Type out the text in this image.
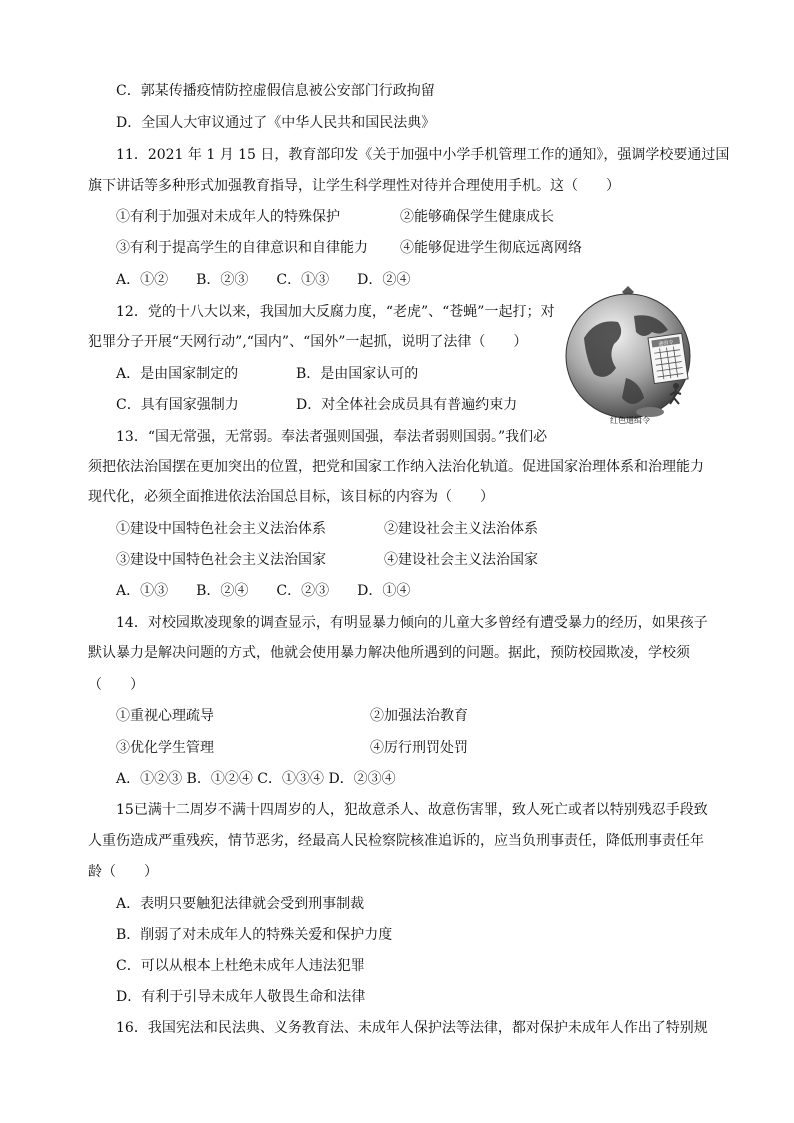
C．郭某传播疫情防控虚假信息被公安部门行政拘留
D．全国人大审议通过了《中华人民共和国民法典》
11．2021 年 1 月 15 日，教育部印发《关于加强中小学手机管理工作的通知》，强调学校要通过国
旗下讲话等多种形式加强教育指导，让学生科学理性对待并合理使用手机。这（　　）
①有利于加强对未成年人的特殊保护	②能够确保学生健康成长
③有利于提高学生的自律意识和自律能力 ④能够促进学生彻底远离网络
A．①②　　B．②③　　C．①③　　D．②④
12．党的十八大以来，我国加大反腐力度，“老虎”、“苍蝇”一起打；对
犯罪分子开展“天网行动”,“国内”、“国外”一起抓，说明了法律（　　）
A．是由国家制定的	B．是由国家认可的
C．具有国家强制力	D．对全体社会成员具有普遍约束力
通缉令
红色通缉令
13．“国无常强，无常弱。奉法者强则国强，奉法者弱则国弱。”我们必
须把依法治国摆在更加突出的位置，把党和国家工作纳入法治化轨道。促进国家治理体系和治理能力
现代化，必须全面推进依法治国总目标，该目标的内容为（　　）
①建设中国特色社会主义法治体系	②建设社会主义法治体系
③建设中国特色社会主义法治国家	④建设社会主义法治国家
A．①③　　B．②④　　C．②③　　D．①④
14．对校园欺凌现象的调查显示，有明显暴力倾向的儿童大多曾经有遭受暴力的经历，如果孩子
默认暴力是解决问题的方式，他就会使用暴力解决他所遇到的问题。据此，预防校园欺凌，学校须
（　　）
①重视心理疏导	②加强法治教育
③优化学生管理	④厉行刑罚处罚
A．①②③ B．①②④ C．①③④ D．②③④
15已满十二周岁不满十四周岁的人，犯故意杀人、故意伤害罪，致人死亡或者以特别残忍手段致
人重伤造成严重残疾，情节恶劣，经最高人民检察院核准追诉的，应当负刑事责任，降低刑事责任年
龄（　　）
A．表明只要触犯法律就会受到刑事制裁
B．削弱了对未成年人的特殊关爱和保护力度
C．可以从根本上杜绝未成年人违法犯罪
D．有利于引导未成年人敬畏生命和法律
16．我国宪法和民法典、义务教育法、未成年人保护法等法律，都对保护未成年人作出了特别规
